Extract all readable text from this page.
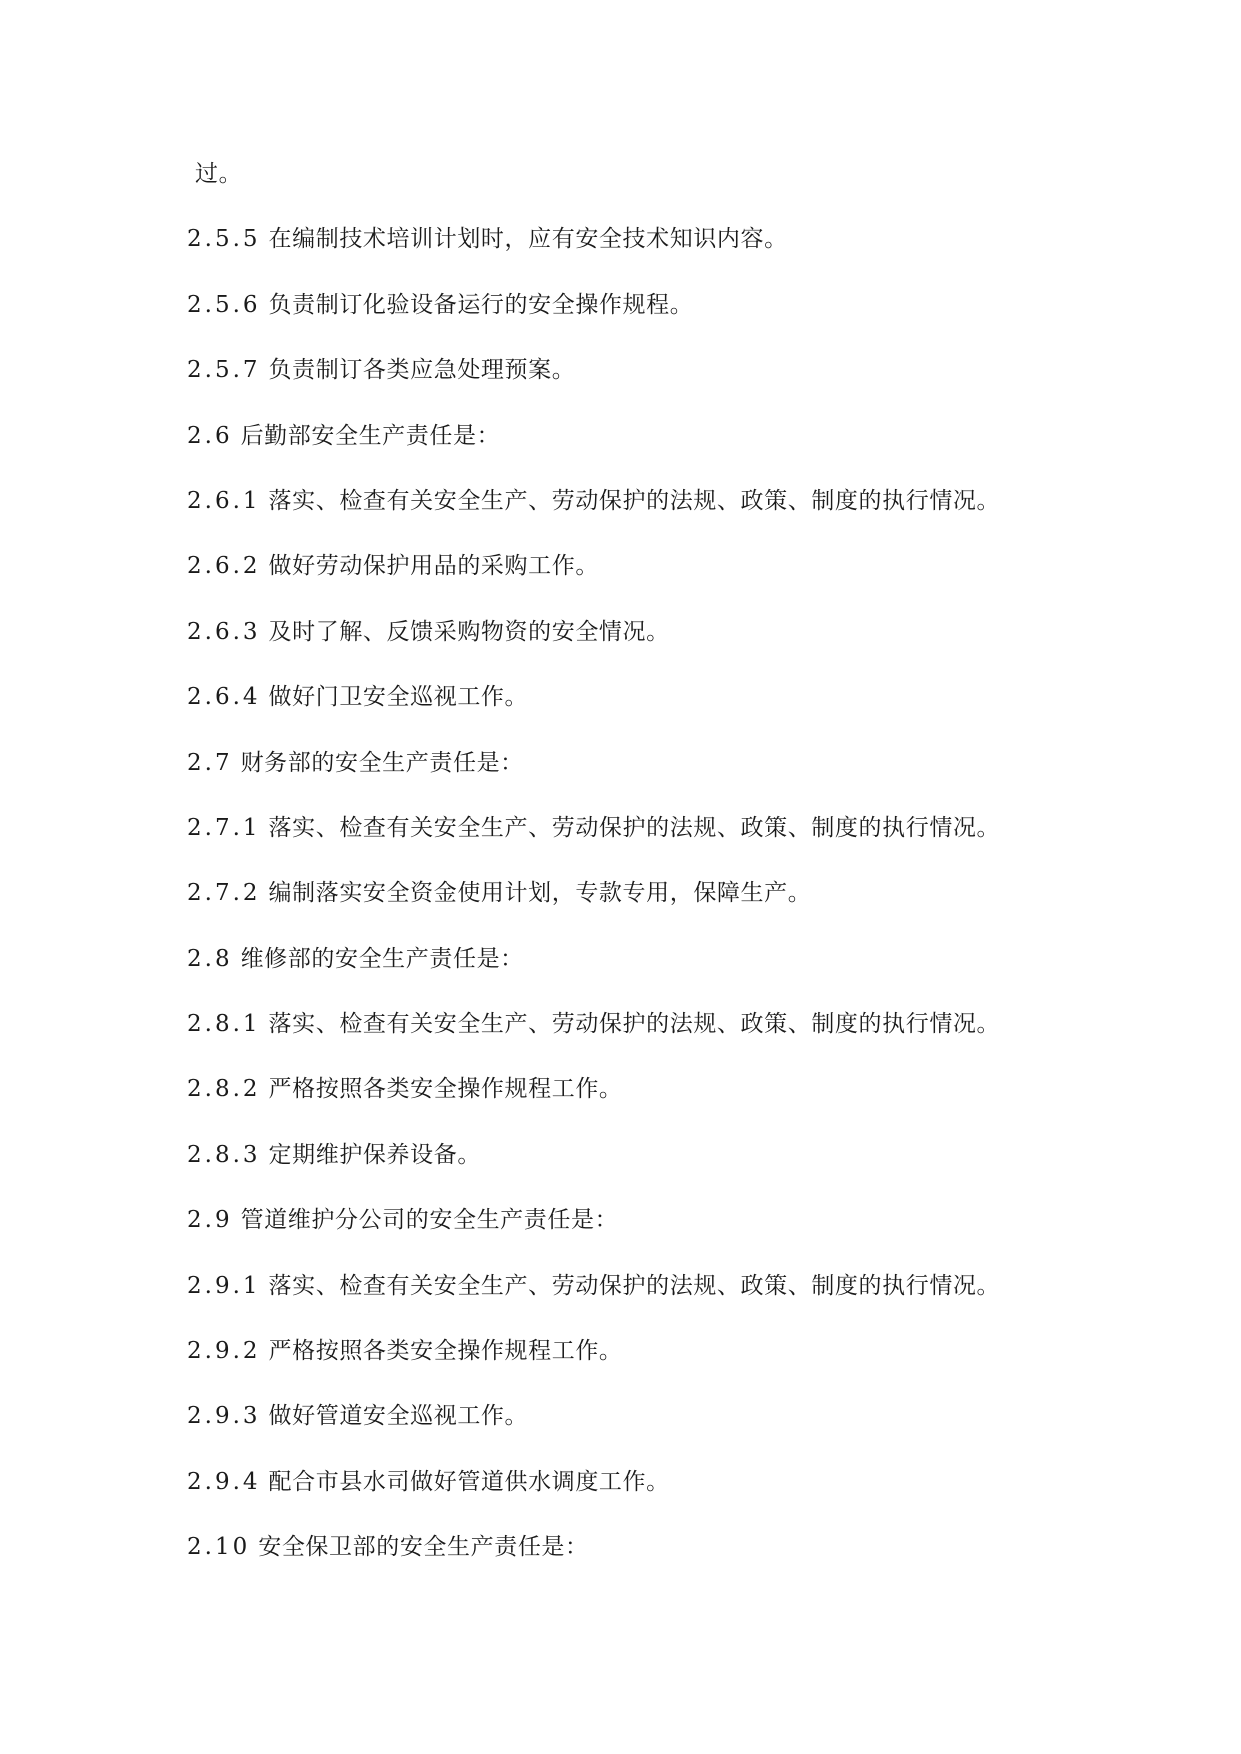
过。
2.5.5 在编制技术培训计划时，应有安全技术知识内容。
2.5.6 负责制订化验设备运行的安全操作规程。
2.5.7 负责制订各类应急处理预案。
2.6 后勤部安全生产责任是：
2.6.1 落实、检查有关安全生产、劳动保护的法规、政策、制度的执行情况。
2.6.2 做好劳动保护用品的采购工作。
2.6.3 及时了解、反馈采购物资的安全情况。
2.6.4 做好门卫安全巡视工作。
2.7 财务部的安全生产责任是：
2.7.1 落实、检查有关安全生产、劳动保护的法规、政策、制度的执行情况。
2.7.2 编制落实安全资金使用计划，专款专用，保障生产。
2.8 维修部的安全生产责任是：
2.8.1 落实、检查有关安全生产、劳动保护的法规、政策、制度的执行情况。
2.8.2 严格按照各类安全操作规程工作。
2.8.3 定期维护保养设备。
2.9 管道维护分公司的安全生产责任是：
2.9.1 落实、检查有关安全生产、劳动保护的法规、政策、制度的执行情况。
2.9.2 严格按照各类安全操作规程工作。
2.9.3 做好管道安全巡视工作。
2.9.4 配合市县水司做好管道供水调度工作。
2.10 安全保卫部的安全生产责任是：
